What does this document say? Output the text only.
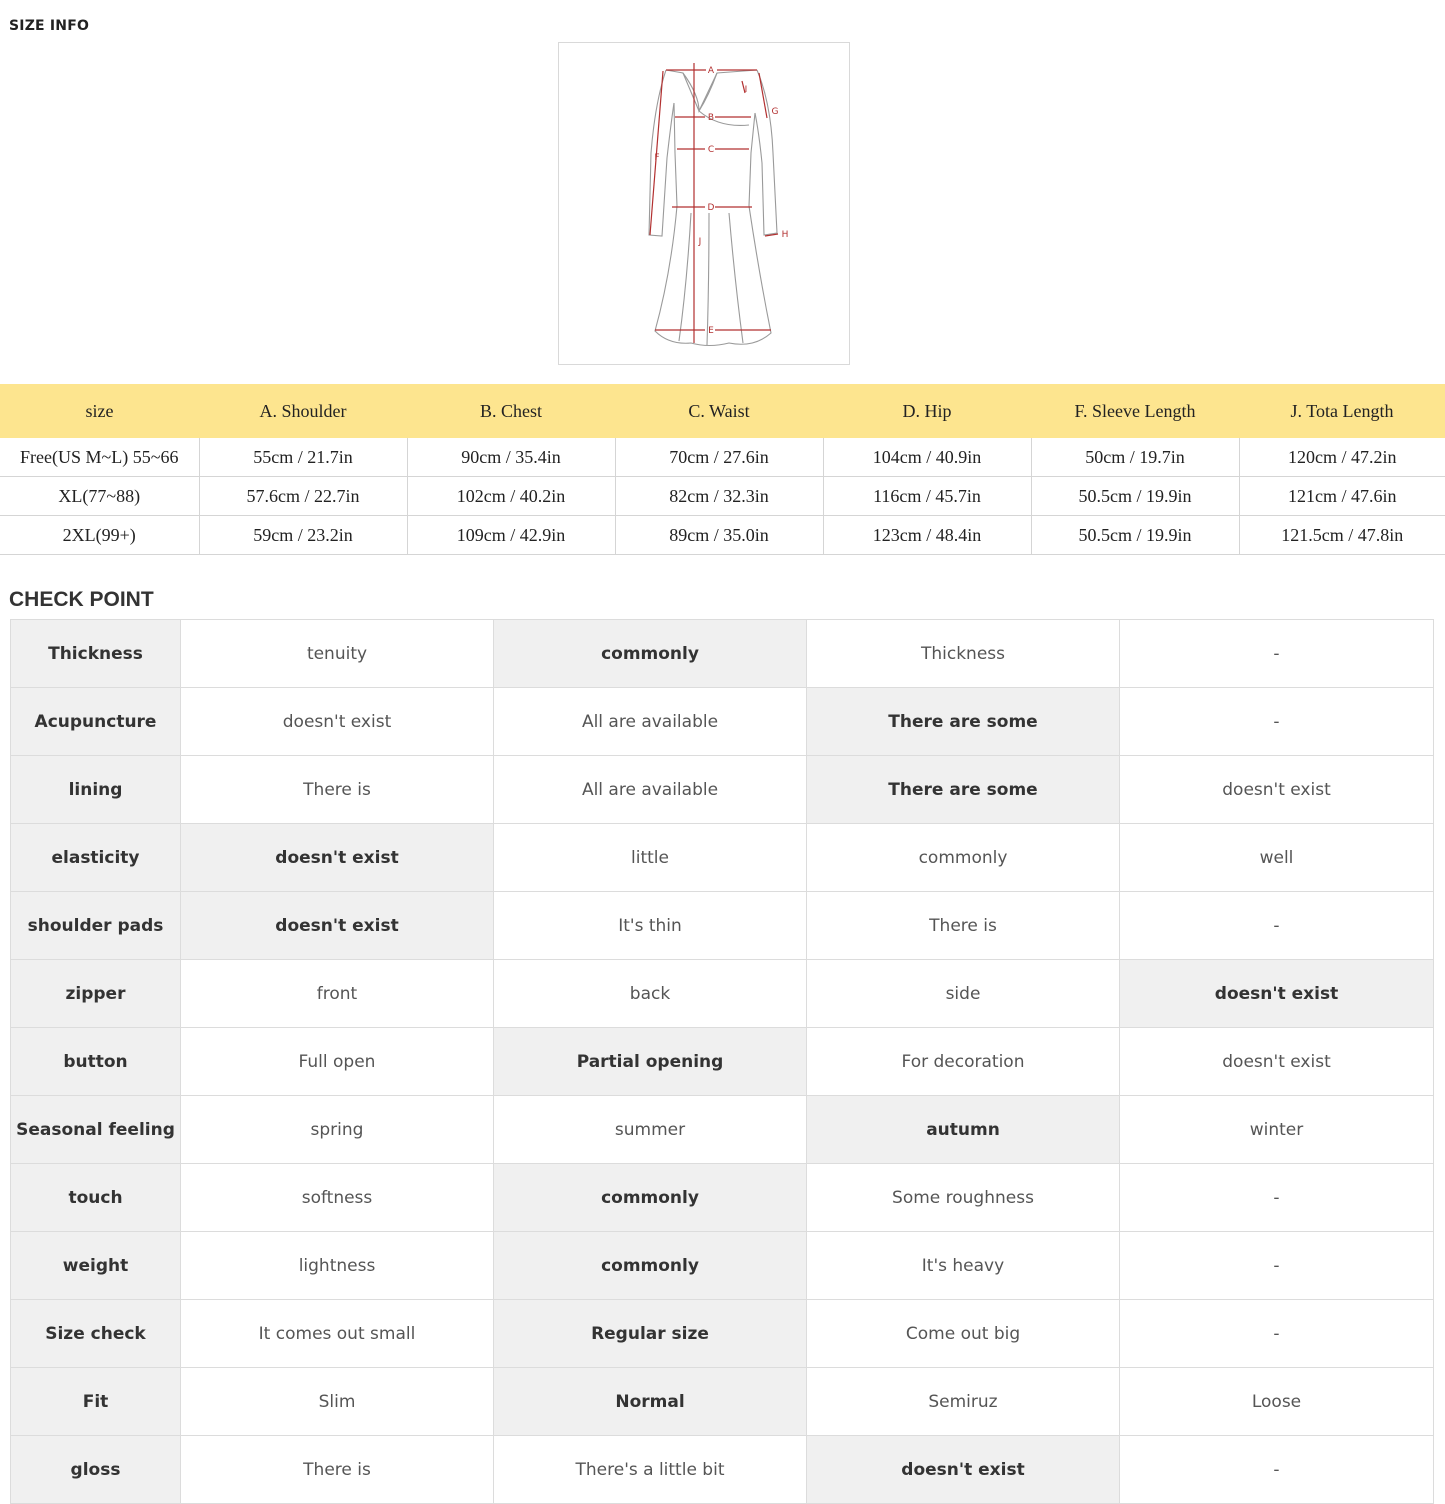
SIZE INFO
A
B
C
D
E
F
G
H
I
J
size	A. Shoulder	B. Chest	C. Waist	D. Hip	F. Sleeve Length	J. Tota Length
Free(US M~L) 55~66	55cm / 21.7in	90cm / 35.4in	70cm / 27.6in	104cm / 40.9in	50cm / 19.7in	120cm / 47.2in
XL(77~88)	57.6cm / 22.7in	102cm / 40.2in	82cm / 32.3in	116cm / 45.7in	50.5cm / 19.9in	121cm / 47.6in
2XL(99+)	59cm / 23.2in	109cm / 42.9in	89cm / 35.0in	123cm / 48.4in	50.5cm / 19.9in	121.5cm / 47.8in
CHECK POINT
Thickness	tenuity	commonly	Thickness	-
Acupuncture	doesn't exist	All are available	There are some	-
lining	There is	All are available	There are some	doesn't exist
elasticity	doesn't exist	little	commonly	well
shoulder pads	doesn't exist	It's thin	There is	-
zipper	front	back	side	doesn't exist
button	Full open	Partial opening	For decoration	doesn't exist
Seasonal feeling	spring	summer	autumn	winter
touch	softness	commonly	Some roughness	-
weight	lightness	commonly	It's heavy	-
Size check	It comes out small	Regular size	Come out big	-
Fit	Slim	Normal	Semiruz	Loose
gloss	There is	There's a little bit	doesn't exist	-
